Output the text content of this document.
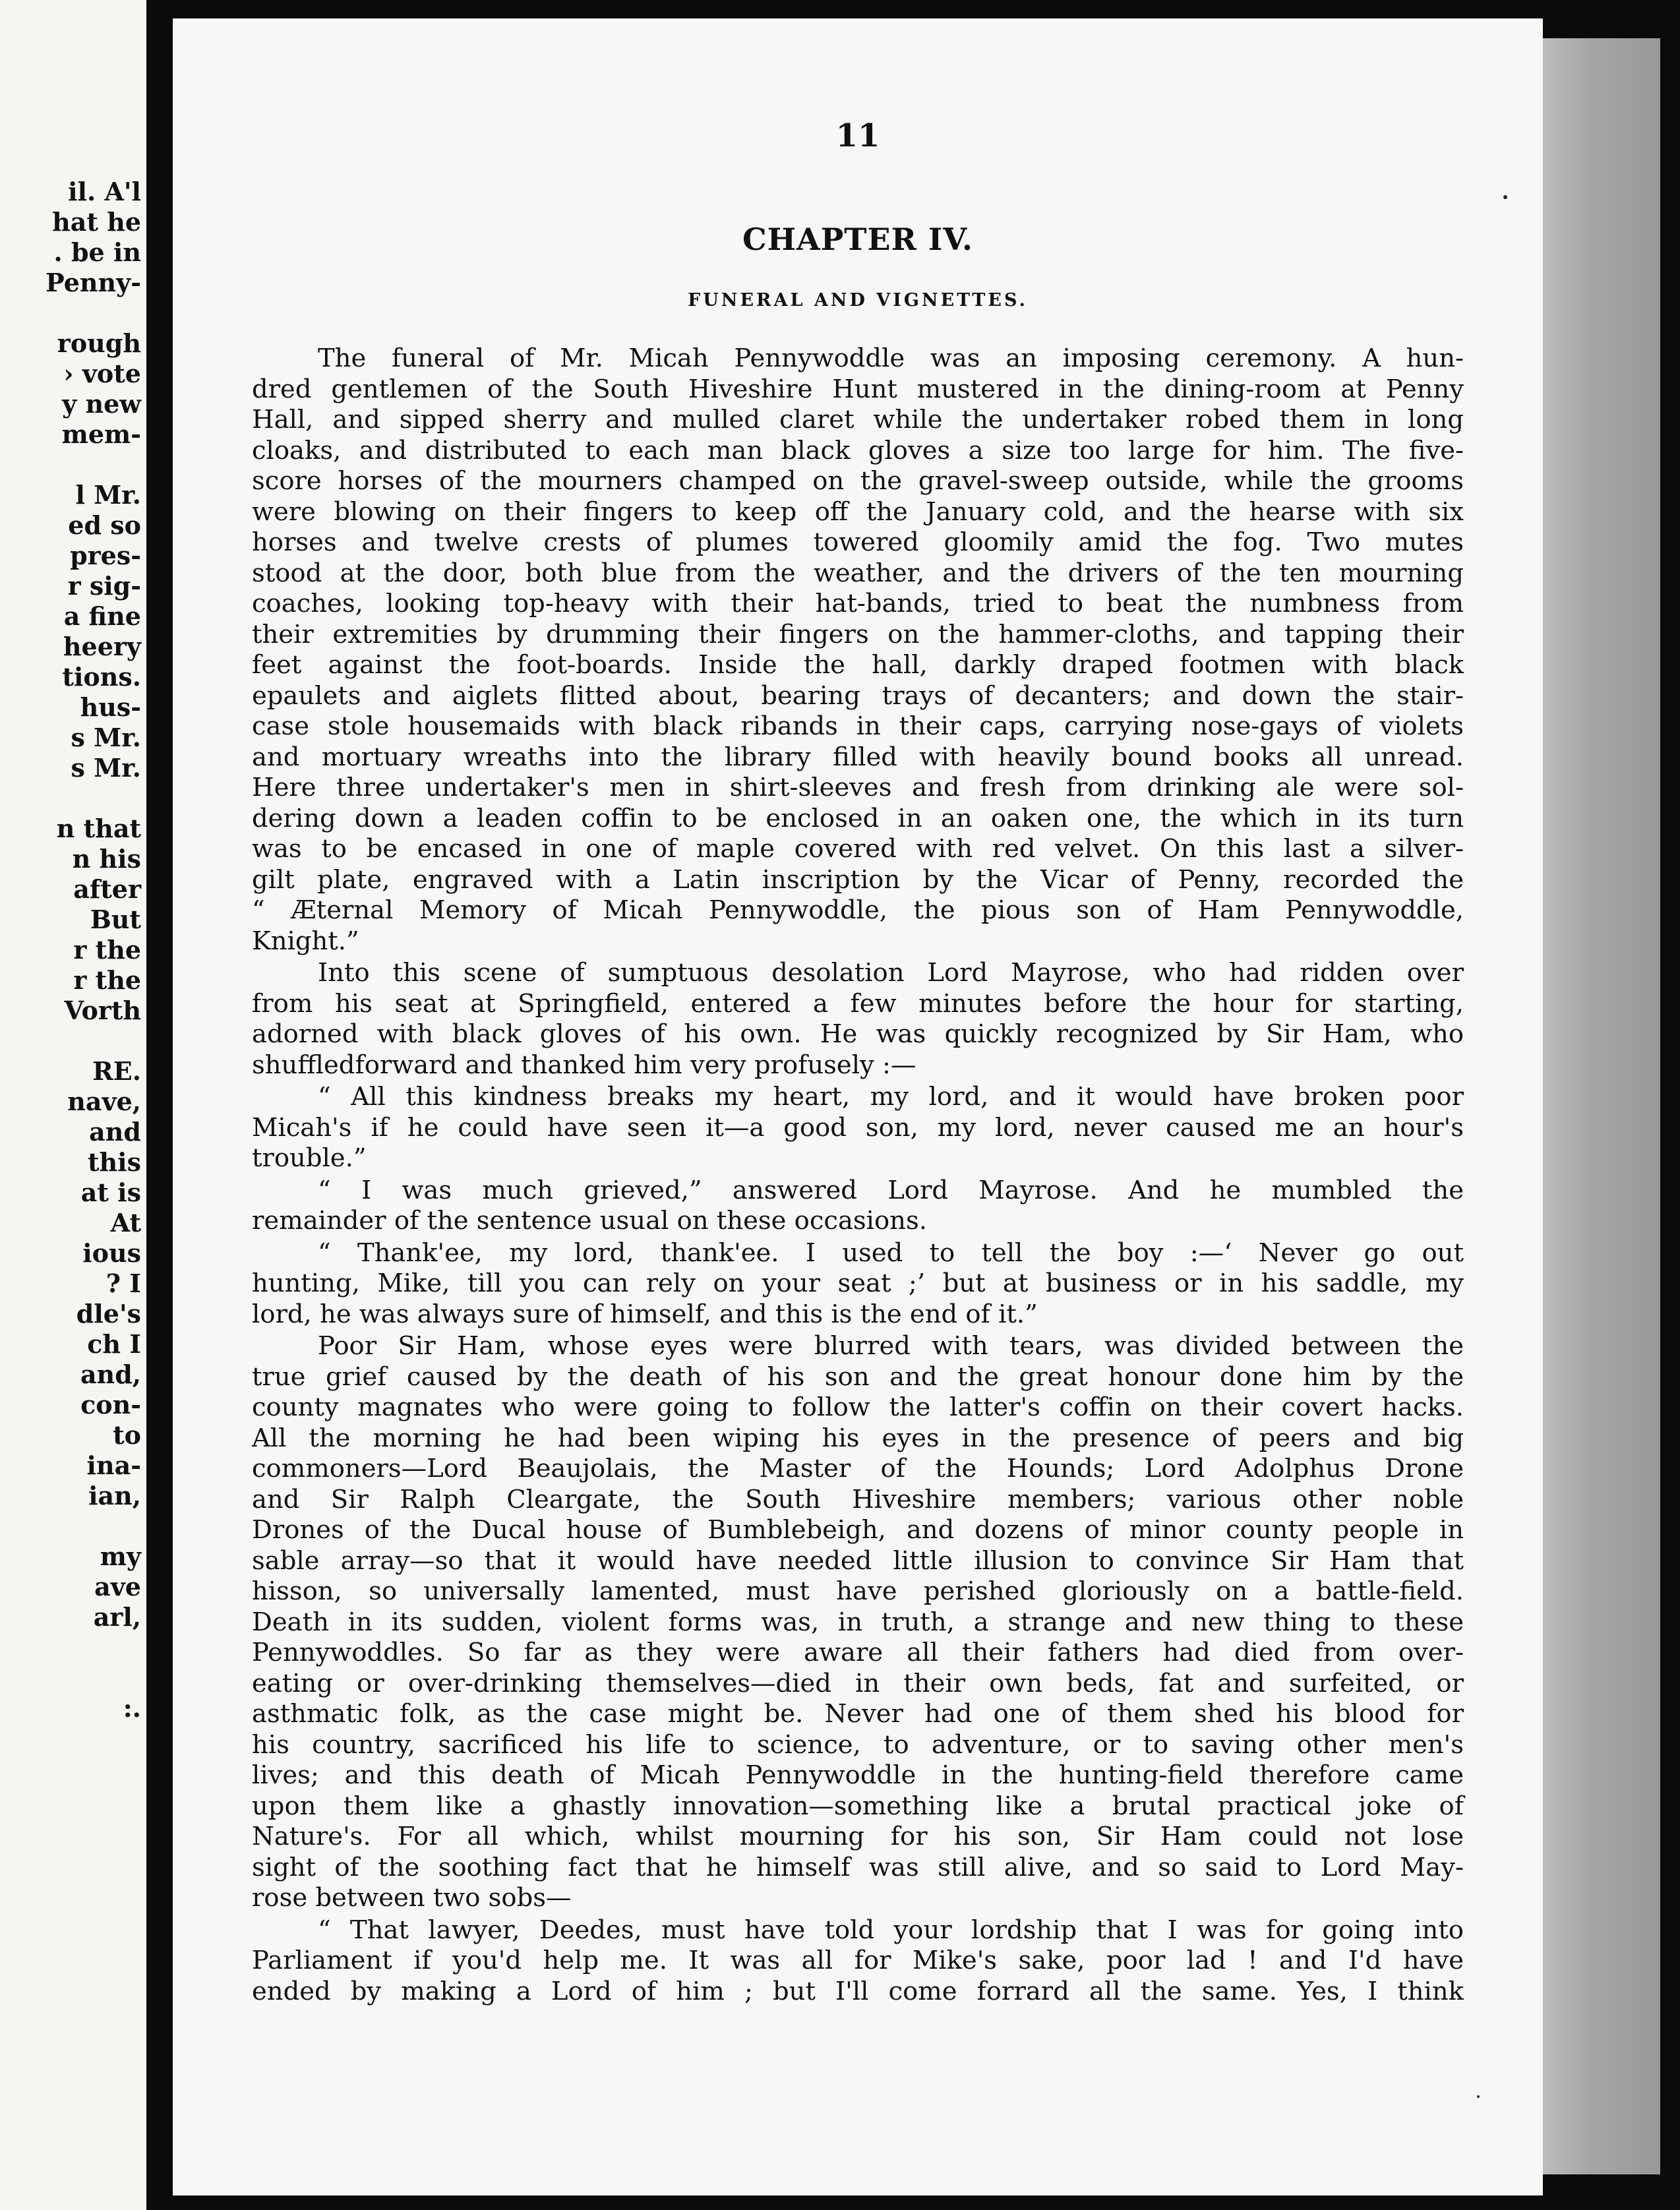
il. A'l

hat he

. be in

Penny-

rough

› vote

y new

mem-

l Mr.

ed so

pres-

r sig-

a fine

heery

tions.

hus-

s Mr.

s Mr.

n that

n his

after

But

r the

r the

Vorth

RE.

nave,

and

this

at is

At

ious

? I

dle's

ch I

and,

con-

to

ina-

ian,

my

ave

arl,

:.

11

CHAPTER IV.
FUNERAL AND VIGNETTES.
The funeral of Mr. Micah Pennywoddle was an imposing ceremony. A hun-
dred gentlemen of the South Hiveshire Hunt mustered in the dining-room at Penny
Hall, and sipped sherry and mulled claret while the undertaker robed them in long
cloaks, and distributed to each man black gloves a size too large for him. The five-
score horses of the mourners champed on the gravel-sweep outside, while the grooms
were blowing on their fingers to keep off the January cold, and the hearse with six
horses and twelve crests of plumes towered gloomily amid the fog. Two mutes
stood at the door, both blue from the weather, and the drivers of the ten mourning
coaches, looking top-heavy with their hat-bands, tried to beat the numbness from
their extremities by drumming their fingers on the hammer-cloths, and tapping their
feet against the foot-boards. Inside the hall, darkly draped footmen with black
epaulets and aiglets flitted about, bearing trays of decanters; and down the stair-
case stole housemaids with black ribands in their caps, carrying nose-gays of violets
and mortuary wreaths into the library filled with heavily bound books all unread.
Here three undertaker's men in shirt-sleeves and fresh from drinking ale were sol-
dering down a leaden coffin to be enclosed in an oaken one, the which in its turn
was to be encased in one of maple covered with red velvet. On this last a silver-
gilt plate, engraved with a Latin inscription by the Vicar of Penny, recorded the
“ Æternal Memory of Micah Pennywoddle, the pious son of Ham Pennywoddle,
Knight.”
Into this scene of sumptuous desolation Lord Mayrose, who had ridden over
from his seat at Springfield, entered a few minutes before the hour for starting,
adorned with black gloves of his own. He was quickly recognized by Sir Ham, who
shuffledforward and thanked him very profusely :—
“ All this kindness breaks my heart, my lord, and it would have broken poor
Micah's if he could have seen it—a good son, my lord, never caused me an hour's
trouble.”
“ I was much grieved,” answered Lord Mayrose. And he mumbled the
remainder of the sentence usual on these occasions.
“ Thank'ee, my lord, thank'ee. I used to tell the boy :—‘ Never go out
hunting, Mike, till you can rely on your seat ;’ but at business or in his saddle, my
lord, he was always sure of himself, and this is the end of it.”
Poor Sir Ham, whose eyes were blurred with tears, was divided between the
true grief caused by the death of his son and the great honour done him by the
county magnates who were going to follow the latter's coffin on their covert hacks.
All the morning he had been wiping his eyes in the presence of peers and big
commoners—Lord Beaujolais, the Master of the Hounds; Lord Adolphus Drone
and Sir Ralph Cleargate, the South Hiveshire members; various other noble
Drones of the Ducal house of Bumblebeigh, and dozens of minor county people in
sable array—so that it would have needed little illusion to convince Sir Ham that
hisson, so universally lamented, must have perished gloriously on a battle-field.
Death in its sudden, violent forms was, in truth, a strange and new thing to these
Pennywoddles. So far as they were aware all their fathers had died from over-
eating or over-drinking themselves—died in their own beds, fat and surfeited, or
asthmatic folk, as the case might be. Never had one of them shed his blood for
his country, sacrificed his life to science, to adventure, or to saving other men's
lives; and this death of Micah Pennywoddle in the hunting-field therefore came
upon them like a ghastly innovation—something like a brutal practical joke of
Nature's. For all which, whilst mourning for his son, Sir Ham could not lose
sight of the soothing fact that he himself was still alive, and so said to Lord May-
rose between two sobs—
“ That lawyer, Deedes, must have told your lordship that I was for going into
Parliament if you'd help me. It was all for Mike's sake, poor lad ! and I'd have
ended by making a Lord of him ; but I'll come forrard all the same. Yes, I think
